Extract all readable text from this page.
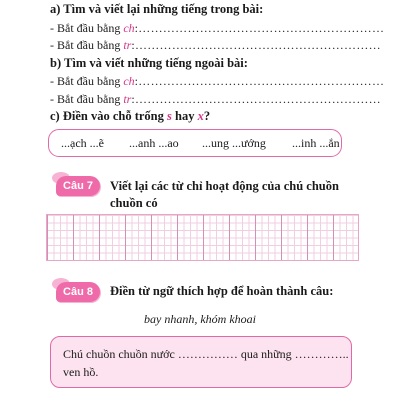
a) Tìm và viết lại những tiếng trong bài:
- Bắt đầu bằng ch:……………………………………………………
- Bắt đầu bằng tr:……………………………………………………
b) Tìm và viết những tiếng ngoài bài:
- Bắt đầu bằng ch:……………………………………………………
- Bắt đầu bằng tr:……………………………………………………
c) Điền vào chỗ trống s hay x?
...ạch ...ẽ ...anh ...ao ...ung ...ướng ...inh ...ắn
Câu 7	Viết lại các từ chỉ hoạt động của chú chuồn chuồn có
Câu 8	Điền từ ngữ thích hợp để hoàn thành câu:
bay nhanh, khóm khoai
Chú chuồn chuồn nước …………… qua những …………..
ven hồ.
